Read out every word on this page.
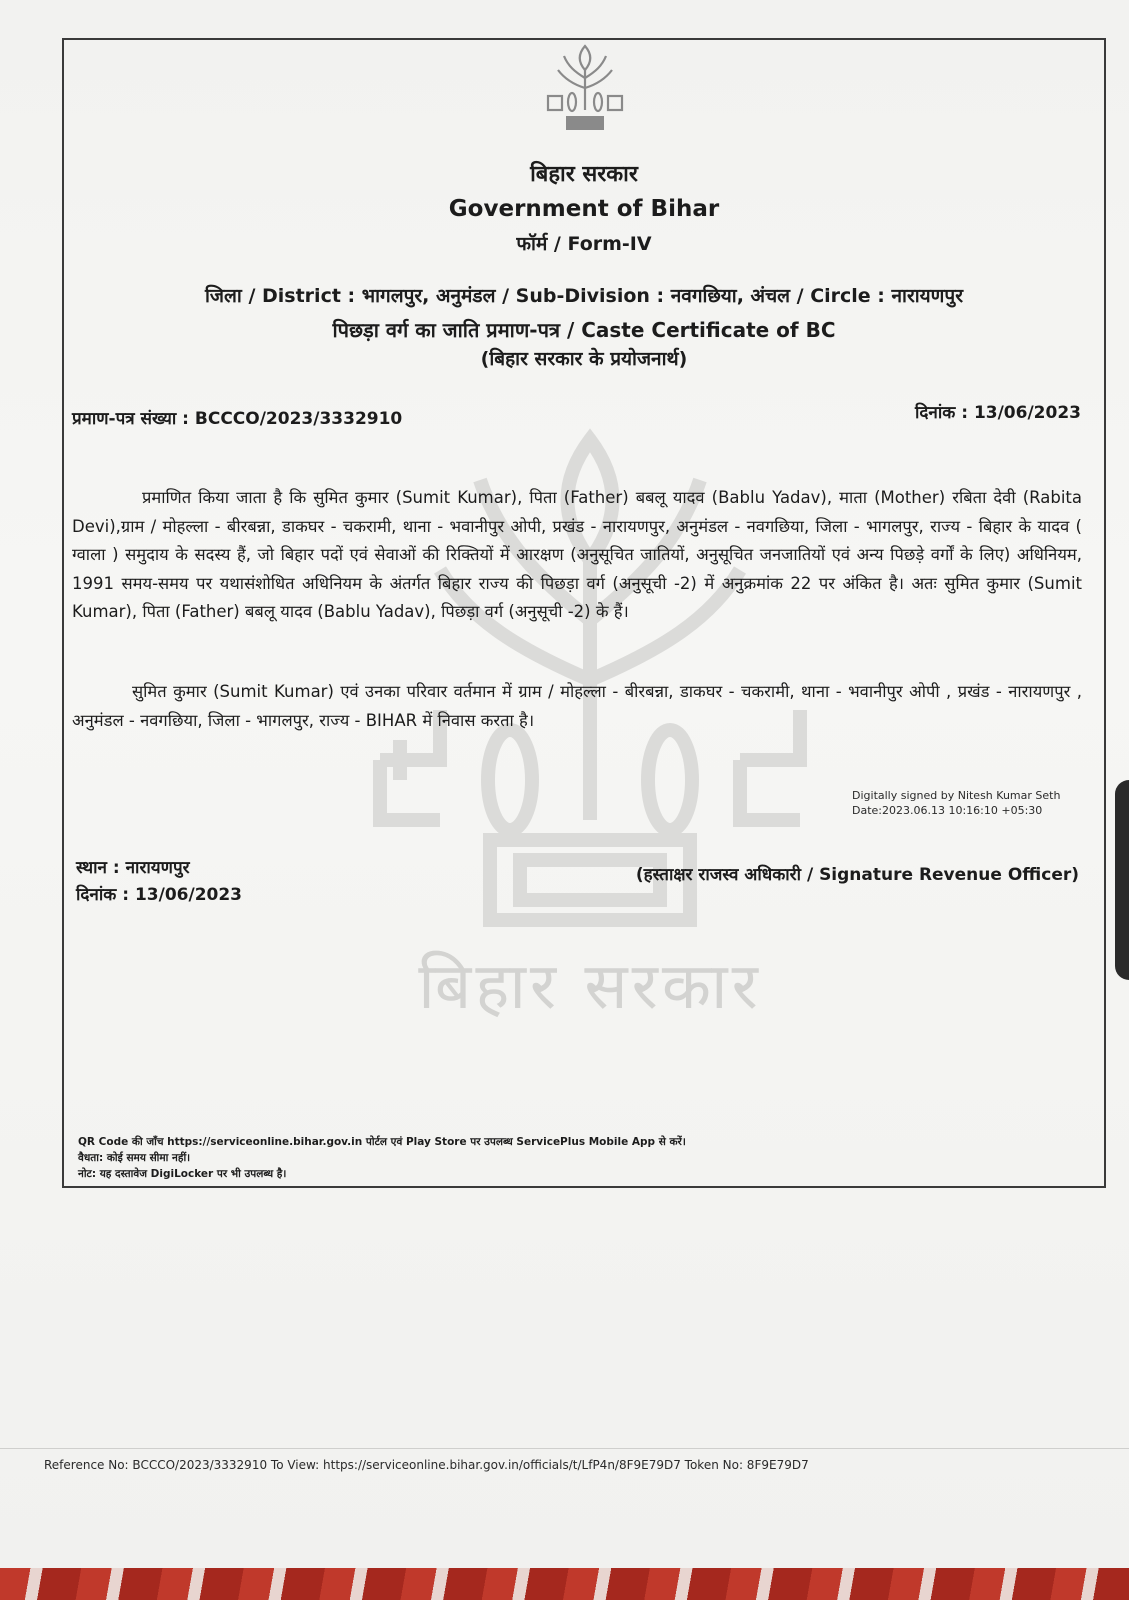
बिहार सरकार
बिहार सरकार
Government of Bihar
फॉर्म / Form-IV
जिला / District : भागलपुर, अनुमंडल / Sub-Division : नवगछिया, अंचल / Circle : नारायणपुर
पिछड़ा वर्ग का जाति प्रमाण-पत्र / Caste Certificate of BC
(बिहार सरकार के प्रयोजनार्थ)
प्रमाण-पत्र संख्या : BCCCO/2023/3332910	दिनांक : 13/06/2023
प्रमाणित किया जाता है कि सुमित कुमार (Sumit Kumar), पिता (Father) बबलू यादव (Bablu Yadav), माता (Mother) रबिता देवी (Rabita Devi),ग्राम / मोहल्ला - बीरबन्ना, डाकघर - चकरामी, थाना - भवानीपुर ओपी, प्रखंड - नारायणपुर, अनुमंडल - नवगछिया, जिला - भागलपुर, राज्य - बिहार के यादव ( ग्वाला ) समुदाय के सदस्य हैं, जो बिहार पदों एवं सेवाओं की रिक्तियों में आरक्षण (अनुसूचित जातियों, अनुसूचित जनजातियों एवं अन्य पिछड़े वर्गों के लिए) अधिनियम, 1991 समय-समय पर यथासंशोधित अधिनियम के अंतर्गत बिहार राज्य की पिछड़ा वर्ग (अनुसूची -2) में अनुक्रमांक 22 पर अंकित है। अतः सुमित कुमार (Sumit Kumar), पिता (Father) बबलू यादव (Bablu Yadav), पिछड़ा वर्ग (अनुसूची -2) के हैं।
सुमित कुमार (Sumit Kumar) एवं उनका परिवार वर्तमान में ग्राम / मोहल्ला - बीरबन्ना, डाकघर - चकरामी, थाना - भवानीपुर ओपी , प्रखंड - नारायणपुर , अनुमंडल - नवगछिया, जिला - भागलपुर, राज्य - BIHAR में निवास करता है।
Digitally signed by Nitesh Kumar Seth
Date:2023.06.13 10:16:10 +05:30
स्थान : नारायणपुर
दिनांक : 13/06/2023
(हस्ताक्षर राजस्व अधिकारी / Signature Revenue Officer)
QR Code की जाँच https://serviceonline.bihar.gov.in पोर्टल एवं Play Store पर उपलब्ध ServicePlus Mobile App से करें।
वैधता: कोई समय सीमा नहीं।
नोट: यह दस्तावेज DigiLocker पर भी उपलब्ध है।
Reference No: BCCCO/2023/3332910 To View: https://serviceonline.bihar.gov.in/officials/t/LfP4n/8F9E79D7 Token No: 8F9E79D7
